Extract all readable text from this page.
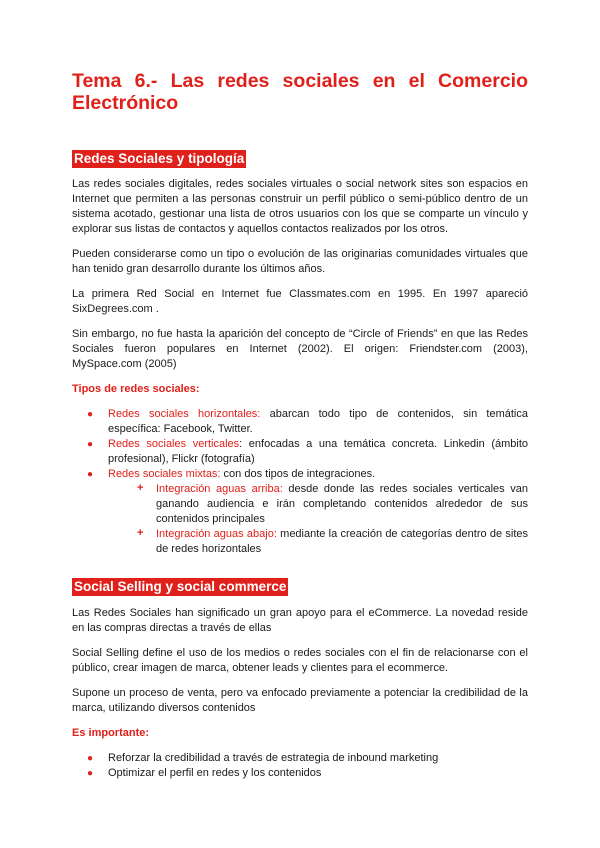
Tema 6.- Las redes sociales en el Comercio Electrónico
Redes Sociales y tipología

Las redes sociales digitales, redes sociales virtuales o social network sites son espacios en Internet que permiten a las personas construir un perfil público o semi-público dentro de un sistema acotado, gestionar una lista de otros usuarios con los que se comparte un vínculo y explorar sus listas de contactos y aquellos contactos realizados por los otros.

Pueden considerarse como un tipo o evolución de las originarias comunidades virtuales que han tenido gran desarrollo durante los últimos años.

La primera Red Social en Internet fue Classmates.com en 1995. En 1997 apareció SixDegrees.com .

Sin embargo, no fue hasta la aparición del concepto de “Circle of Friends” en que las Redes Sociales fueron populares en Internet (2002). El origen: Friendster.com (2003), MySpace.com (2005)

Tipos de redes sociales:

● Redes sociales horizontales: abarcan todo tipo de contenidos, sin temática específica: Facebook, Twitter.
● Redes sociales verticales: enfocadas a una temática concreta. Linkedin (ámbito profesional), Flickr (fotografía)
● Redes sociales mixtas: con dos tipos de integraciones.
+ Integración aguas arriba: desde donde las redes sociales verticales van ganando audiencia e irán completando contenidos alrededor de sus contenidos principales
+ Integración aguas abajo: mediante la creación de categorías dentro de sites de redes horizontales
Social Selling y social commerce

Las Redes Sociales han significado un gran apoyo para el eCommerce. La novedad reside en las compras directas a través de ellas

Social Selling define el uso de los medios o redes sociales con el fin de relacionarse con el público, crear imagen de marca, obtener leads y clientes para el ecommerce.

Supone un proceso de venta, pero va enfocado previamente a potenciar la credibilidad de la marca, utilizando diversos contenidos

Es importante:

● Reforzar la credibilidad a través de estrategia de inbound marketing
● Optimizar el perfil en redes y los contenidos
